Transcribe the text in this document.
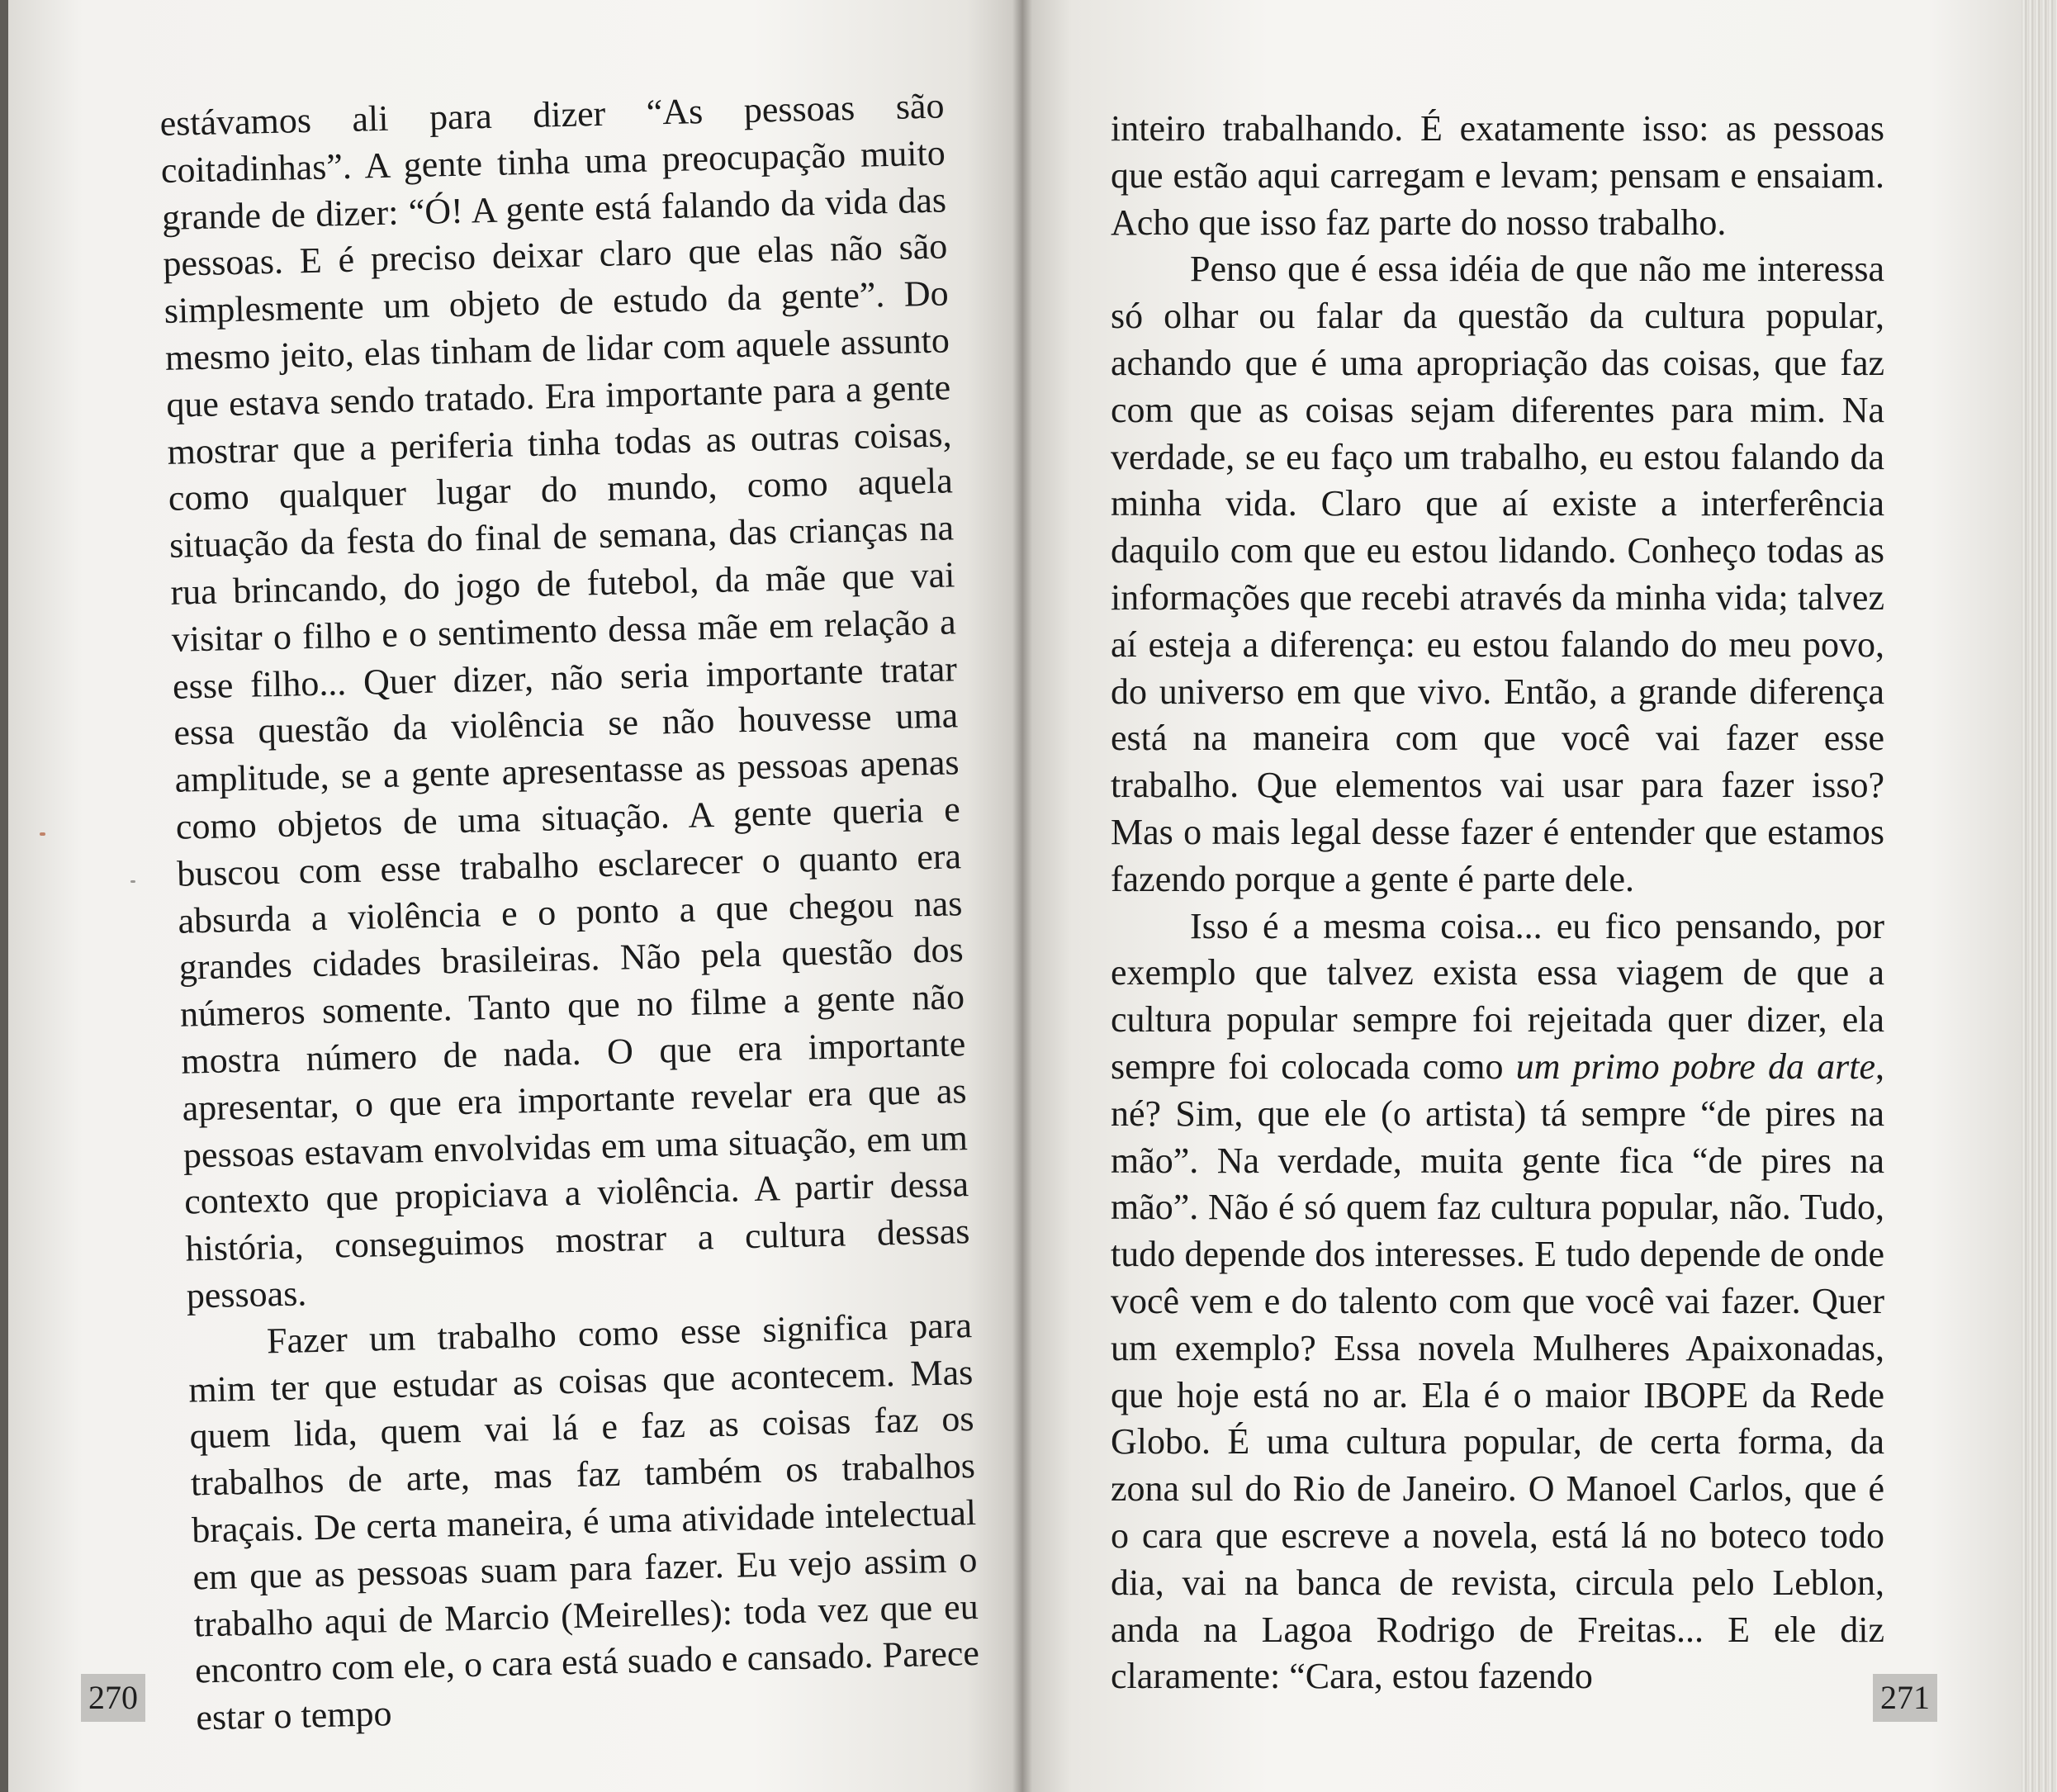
estávamos ali para dizer “As pessoas são coitadinhas”. A gente tinha uma preocupação muito grande de dizer: “Ó! A gente está falando da vida das pessoas. E é preciso deixar claro que elas não são simplesmente um objeto de estudo da gente”. Do mesmo jeito, elas tinham de lidar com aquele assunto que estava sendo tratado. Era importante para a gente mostrar que a periferia tinha todas as outras coisas, como qualquer lugar do mundo, como aquela situação da festa do final de semana, das crianças na rua brincando, do jogo de futebol, da mãe que vai visitar o filho e o sentimento dessa mãe em relação a esse filho... Quer dizer, não seria importante tratar essa questão da violência se não houvesse uma amplitude, se a gente apresentasse as pessoas apenas como objetos de uma situação. A gente queria e buscou com esse trabalho esclarecer o quanto era absurda a violência e o ponto a que chegou nas grandes cidades brasileiras. Não pela questão dos números somente. Tanto que no filme a gente não mostra número de nada. O que era importante apresentar, o que era importante revelar era que as pessoas estavam envolvidas em uma situação, em um contexto que propiciava a violência. A partir dessa história, conseguimos mostrar a cultura dessas pessoas.

Fazer um trabalho como esse significa para mim ter que estudar as coisas que acontecem. Mas quem lida, quem vai lá e faz as coisas faz os trabalhos de arte, mas faz também os trabalhos braçais. De certa maneira, é uma atividade intelectual em que as pessoas suam para fazer. Eu vejo assim o trabalho aqui de Marcio (Meirelles): toda vez que eu encontro com ele, o cara está suado e cansado. Parece estar o tempo

270

inteiro trabalhando. É exatamente isso: as pessoas que estão aqui carregam e levam; pensam e ensaiam. Acho que isso faz parte do nosso trabalho.

Penso que é essa idéia de que não me interessa só olhar ou falar da questão da cultura popular, achando que é uma apropriação das coisas, que faz com que as coisas sejam diferentes para mim. Na verdade, se eu faço um trabalho, eu estou falando da minha vida. Claro que aí existe a interferência daquilo com que eu estou lidando. Conheço todas as informações que recebi através da minha vida; talvez aí esteja a diferença: eu estou falando do meu povo, do universo em que vivo. Então, a grande diferença está na maneira com que você vai fazer esse trabalho. Que elementos vai usar para fazer isso? Mas o mais legal desse fazer é entender que estamos fazendo porque a gente é parte dele.

Isso é a mesma coisa... eu fico pensando, por exemplo que talvez exista essa viagem de que a cultura popular sempre foi rejeitada quer dizer, ela sempre foi colocada como um primo pobre da arte, né? Sim, que ele (o artista) tá sempre “de pires na mão”. Na verdade, muita gente fica “de pires na mão”. Não é só quem faz cultura popular, não. Tudo, tudo depende dos interesses. E tudo depende de onde você vem e do talento com que você vai fazer. Quer um exemplo? Essa novela Mulheres Apaixonadas, que hoje está no ar. Ela é o maior IBOPE da Rede Globo. É uma cultura popular, de certa forma, da zona sul do Rio de Janeiro. O Manoel Carlos, que é o cara que escreve a novela, está lá no boteco todo dia, vai na banca de revista, circula pelo Leblon, anda na Lagoa Rodrigo de Freitas... E ele diz claramente: “Cara, estou fazendo

271
